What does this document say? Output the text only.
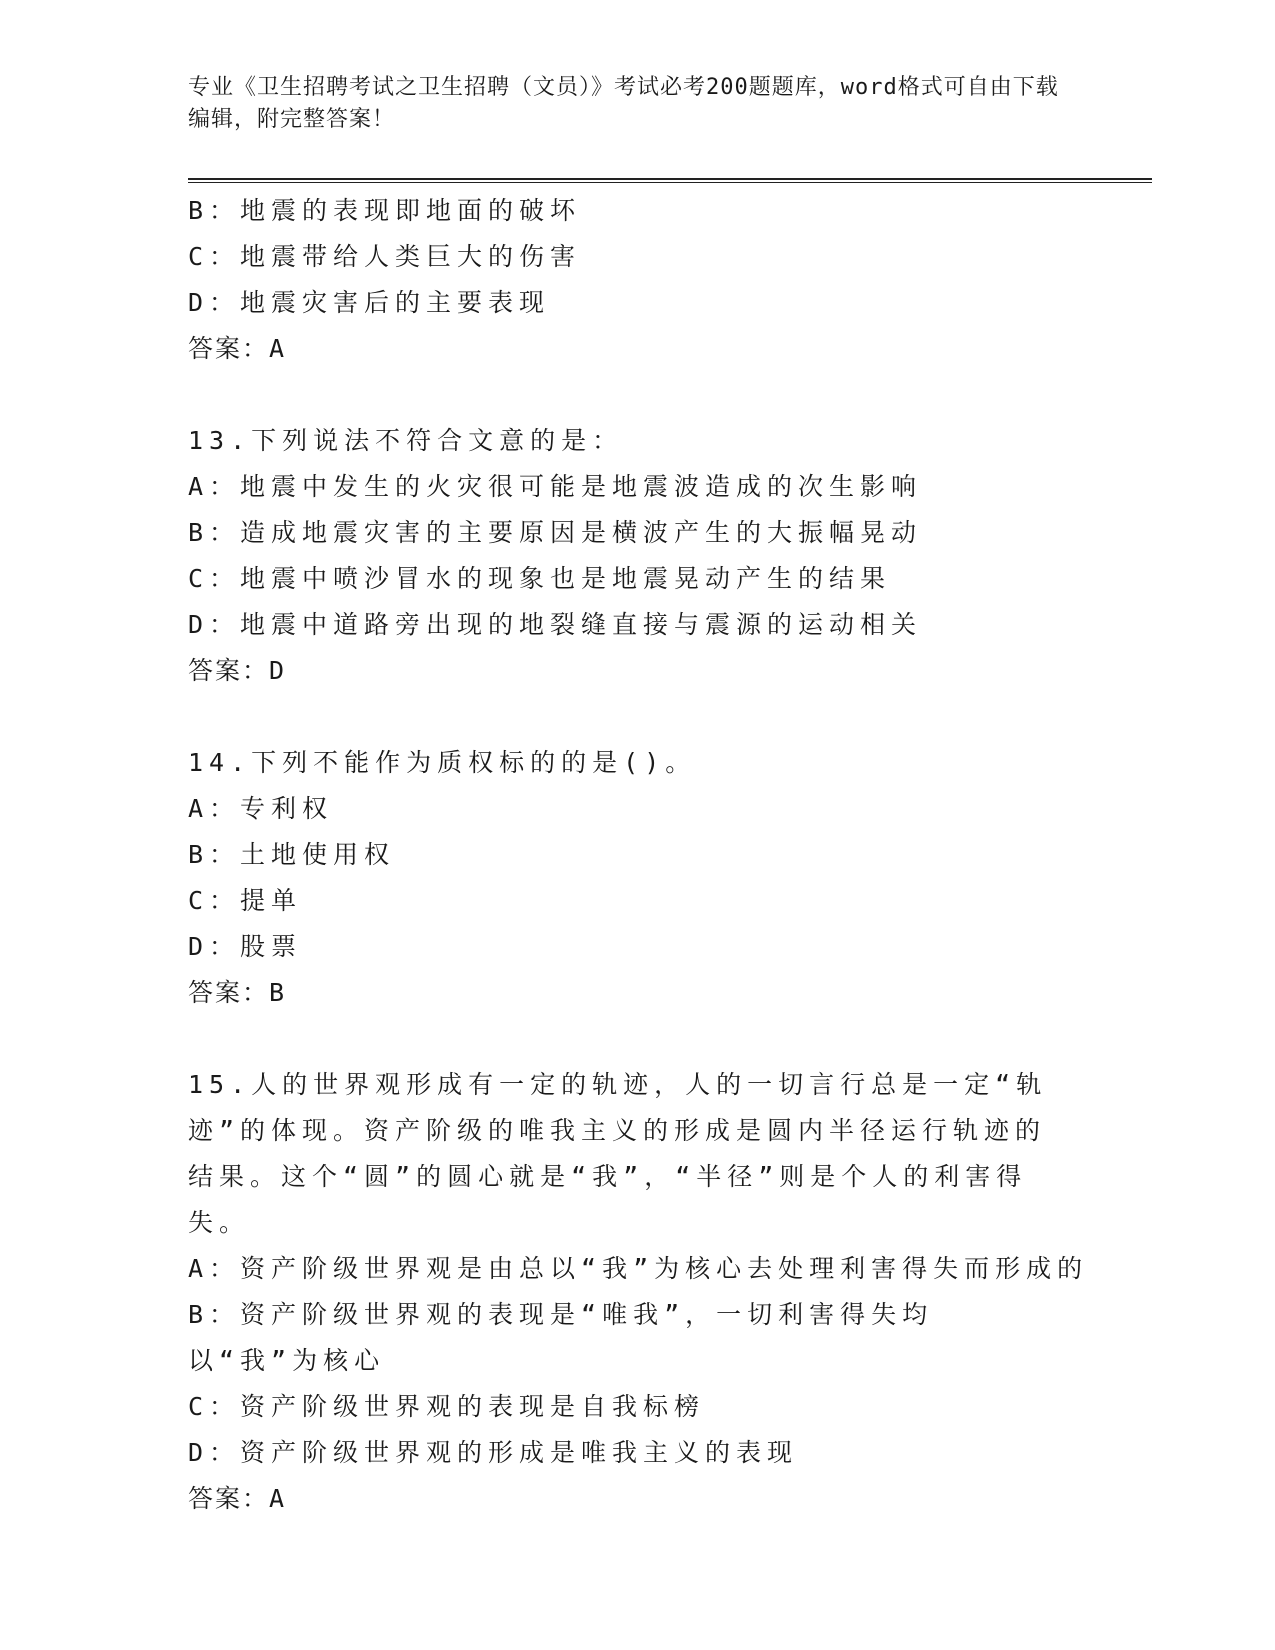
专业《卫生招聘考试之卫生招聘（文员）》考试必考200题题库，word格式可自由下载编辑，附完整答案！
B：地震的表现即地面的破坏
C：地震带给人类巨大的伤害
D：地震灾害后的主要表现
答案：A
13.下列说法不符合文意的是：
A：地震中发生的火灾很可能是地震波造成的次生影响
B：造成地震灾害的主要原因是横波产生的大振幅晃动
C：地震中喷沙冒水的现象也是地震晃动产生的结果
D：地震中道路旁出现的地裂缝直接与震源的运动相关
答案：D
14.下列不能作为质权标的的是()。
A：专利权
B：土地使用权
C：提单
D：股票
答案：B
15.人的世界观形成有一定的轨迹，人的一切言行总是一定“轨迹”的体现。资产阶级的唯我主义的形成是圆内半径运行轨迹的结果。这个“圆”的圆心就是“我”，“半径”则是个人的利害得失。
A：资产阶级世界观是由总以“我”为核心去处理利害得失而形成的
B：资产阶级世界观的表现是“唯我”，一切利害得失均以“我”为核心
C：资产阶级世界观的表现是自我标榜
D：资产阶级世界观的形成是唯我主义的表现
答案：A
